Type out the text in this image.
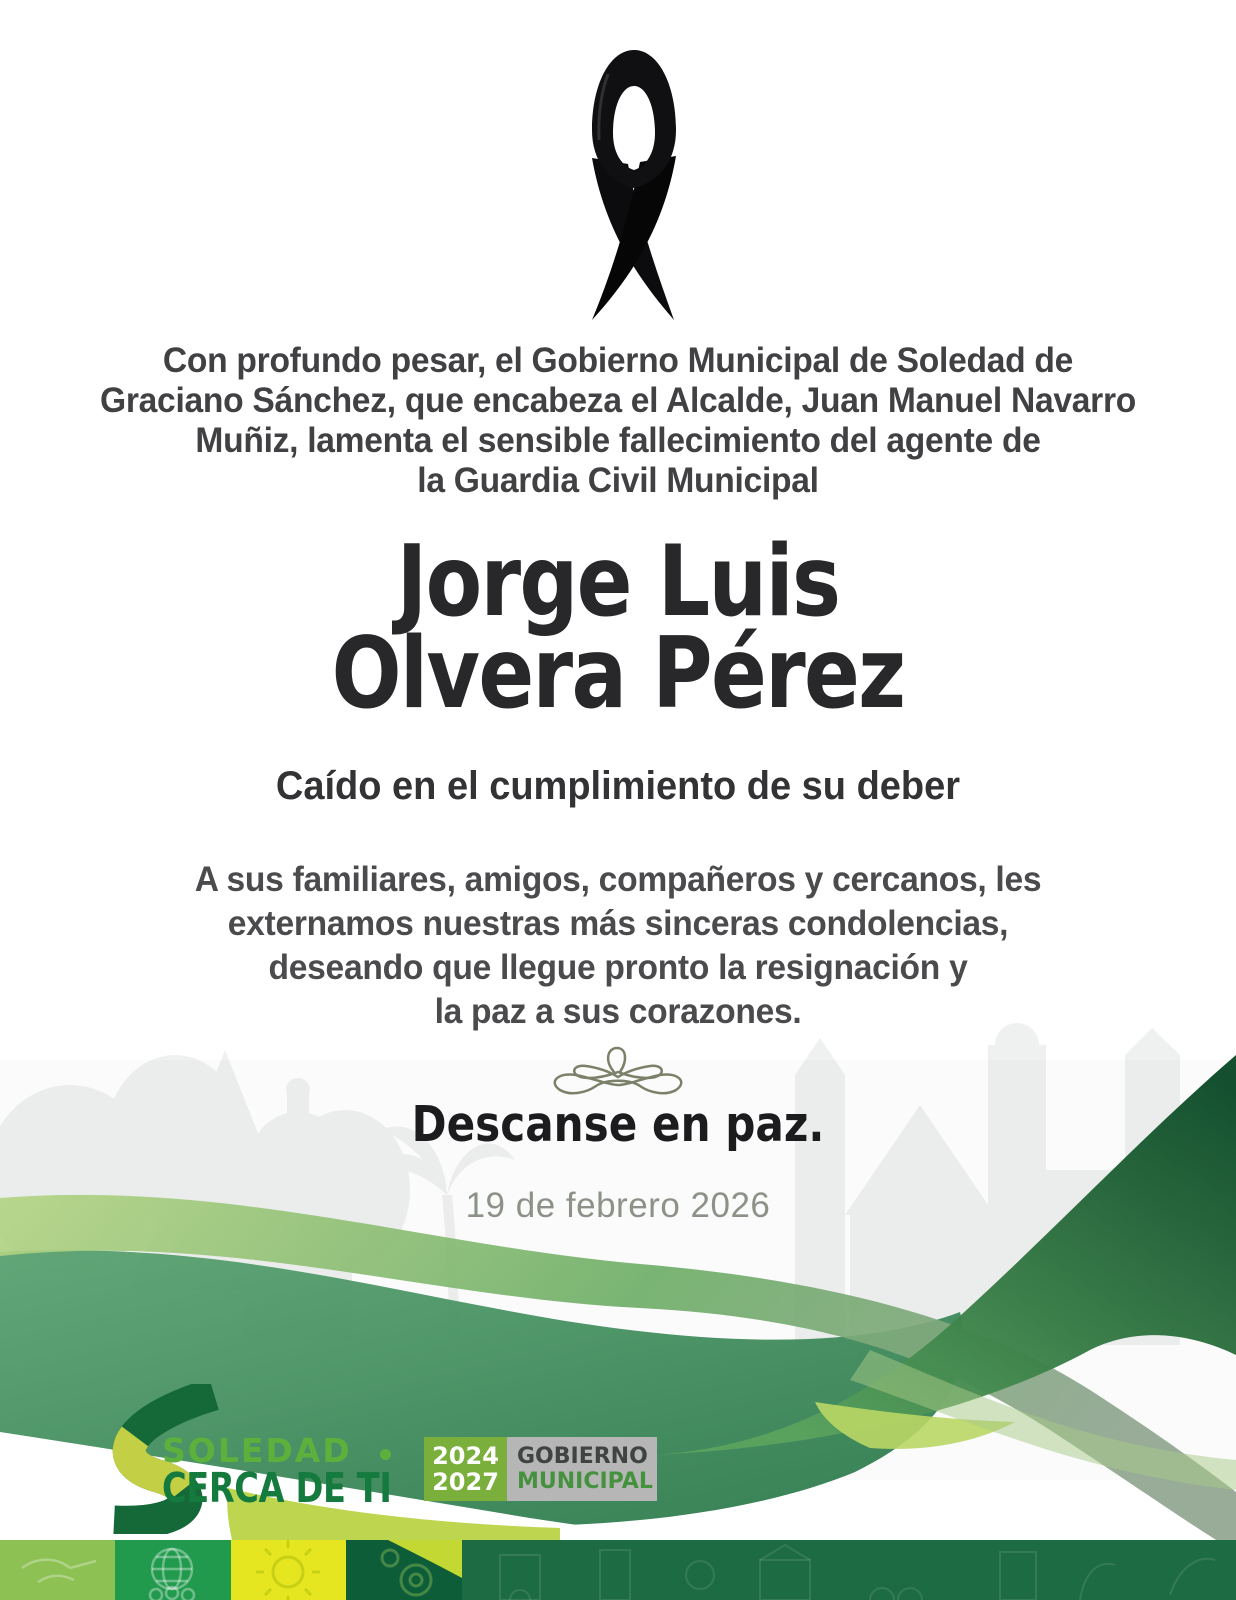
Con profundo pesar, el Gobierno Municipal de Soledad de
Graciano Sánchez, que encabeza el Alcalde, Juan Manuel Navarro
Muñiz, lamenta el sensible fallecimiento del agente de
la Guardia Civil Municipal
Jorge Luis
Olvera Pérez
Caído en el cumplimiento de su deber
A sus familiares, amigos, compañeros y cercanos, les
externamos nuestras más sinceras condolencias,
deseando que llegue pronto la resignación y
la paz a sus corazones.
Descanse en paz.
19 de febrero 2026
SOLEDAD
CERCA DE TI
2024
2027
GOBIERNO
MUNICIPAL
